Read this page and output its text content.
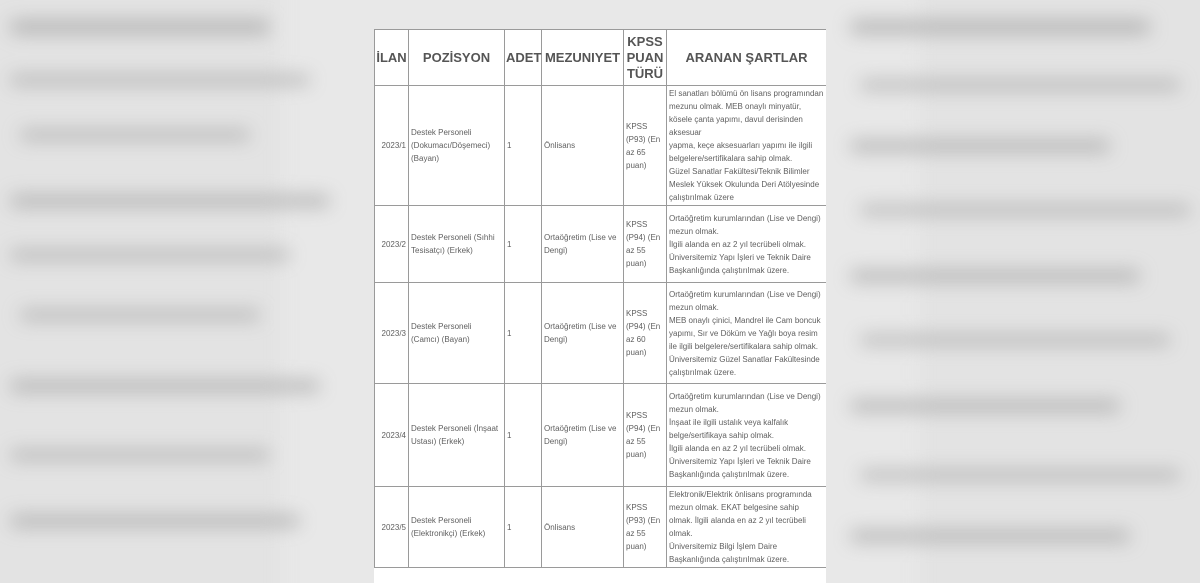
İLAN	POZİSYON	ADET	MEZUNIYET	KPSS
PUAN
TÜRÜ	ARANAN ŞARTLAR
2023/1	Destek Personeli (Dokumacı/Döşemeci) (Bayan)	1	Önlisans	KPSS (P93) (En az 65 puan)	El sanatları bölümü ön lisans programından mezunu olmak. MEB onaylı minyatür, kösele çanta yapımı, davul derisinden aksesuar
yapma, keçe aksesuarları yapımı ile ilgili belgelere/sertifikalara sahip olmak.
Güzel Sanatlar Fakültesi/Teknik Bilimler Meslek Yüksek Okulunda Deri Atölyesinde çalıştırılmak üzere

2023/2	Destek Personeli (Sıhhi Tesisatçı) (Erkek)	1	Ortaöğretim (Lise ve Dengi)	KPSS (P94) (En az 55 puan)	Ortaöğretim kurumlarından (Lise ve Dengi) mezun olmak.
İlgili alanda en az 2 yıl tecrübeli olmak.
Üniversitemiz Yapı İşleri ve Teknik Daire Başkanlığında çalıştırılmak üzere.

2023/3	Destek Personeli (Camcı) (Bayan)	1	Ortaöğretim (Lise ve Dengi)	KPSS (P94) (En az 60 puan)	Ortaöğretim kurumlarından (Lise ve Dengi) mezun olmak.
MEB onaylı çinici, Mandrel ile Cam boncuk yapımı, Sır ve Döküm ve Yağlı boya resim ile ilgili belgelere/sertifikalara sahip olmak.
Üniversitemiz Güzel Sanatlar Fakültesinde çalıştırılmak üzere.

2023/4	Destek Personeli (İnşaat Ustası) (Erkek)	1	Ortaöğretim (Lise ve Dengi)	KPSS (P94) (En az 55 puan)	Ortaöğretim kurumlarından (Lise ve Dengi) mezun olmak.
İnşaat ile ilgili ustalık veya kalfalık belge/sertifikaya sahip olmak.
İlgili alanda en az 2 yıl tecrübeli olmak.
Üniversitemiz Yapı İşleri ve Teknik Daire Başkanlığında çalıştırılmak üzere.

2023/5	Destek Personeli (Elektronikçi) (Erkek)	1	Önlisans	KPSS (P93) (En az 55 puan)	Elektronik/Elektrik önlisans programında mezun olmak. EKAT belgesine sahip olmak. İlgili alanda en az 2 yıl tecrübeli olmak.
Üniversitemiz Bilgi İşlem Daire Başkanlığında çalıştırılmak üzere.
